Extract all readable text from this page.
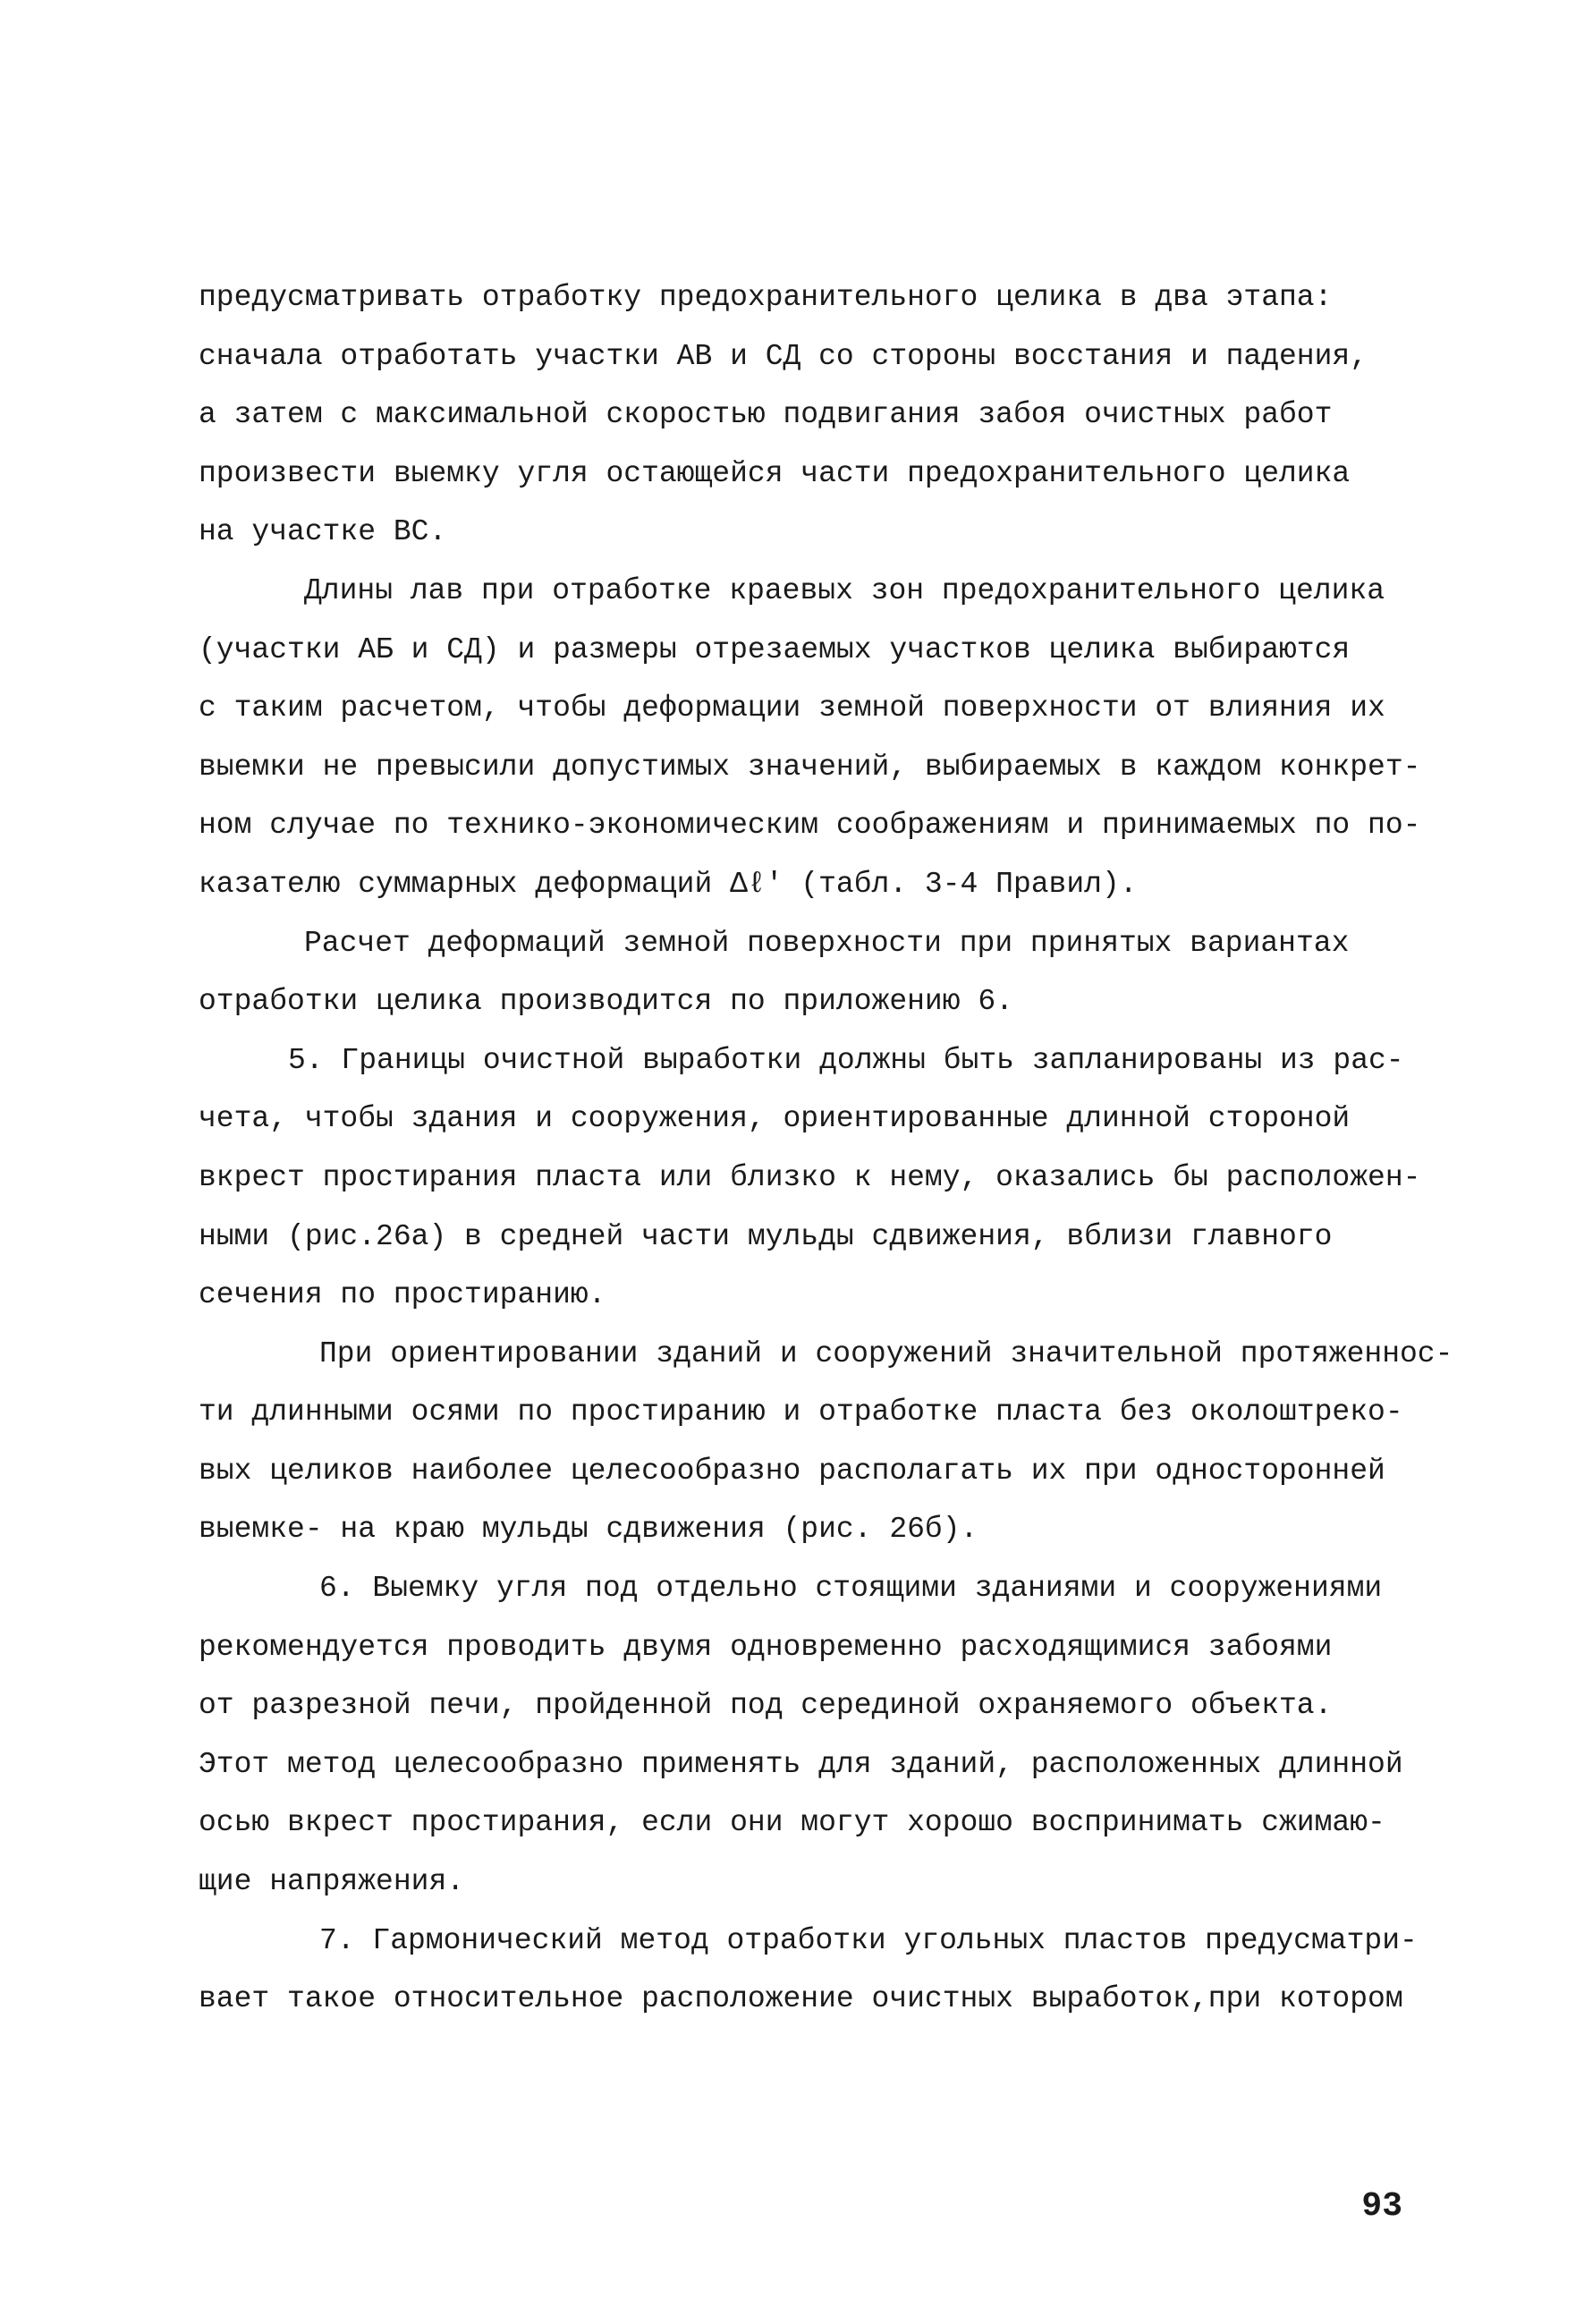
предусматривать отработку предохранительного целика в два этапа:
сначала отработать участки АВ и СД со стороны восстания и падения,
а затем с максимальной скоростью подвигания забоя очистных работ
произвести выемку угля остающейся части предохранительного целика
на участке ВС.
Длины лав при отработке краевых зон предохранительного целика
(участки АБ и СД) и размеры отрезаемых участков целика выбираются
с таким расчетом, чтобы деформации земной поверхности от влияния их
выемки не превысили допустимых значений, выбираемых в каждом конкрет-
ном случае по технико-экономическим соображениям и принимаемых по по-
казателю суммарных деформаций Δℓ' (табл. 3-4 Правил).
Расчет деформаций земной поверхности при принятых вариантах
отработки целика производится по приложению 6.
5. Границы очистной выработки должны быть запланированы из рас-
чета, чтобы здания и сооружения, ориентированные длинной стороной
вкрест простирания пласта или близко к нему, оказались бы расположен-
ными (рис.26а) в средней части мульды сдвижения, вблизи главного
сечения по простиранию.
При ориентировании зданий и сооружений значительной протяженнос-
ти длинными осями по простиранию и отработке пласта без околоштреко-
вых целиков наиболее целесообразно располагать их при односторонней
выемке- на краю мульды сдвижения (рис. 26б).
6. Выемку угля под отдельно стоящими зданиями и сооружениями
рекомендуется проводить двумя одновременно расходящимися забоями
от разрезной печи, пройденной под серединой охраняемого объекта.
Этот метод целесообразно применять для зданий, расположенных длинной
осью вкрест простирания, если они могут хорошо воспринимать сжимаю-
щие напряжения.
7. Гармонический метод отработки угольных пластов предусматри-
вает такое относительное расположение очистных выработок,при котором
93
